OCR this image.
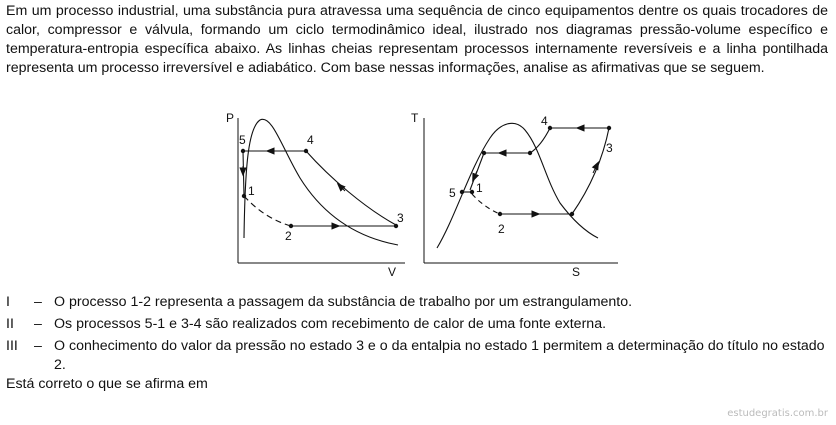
Em um processo industrial, uma substância pura atravessa uma sequência de cinco equipamentos dentre os quais trocadores de calor, compressor e válvula, formando um ciclo termodinâmico ideal, ilustrado nos diagramas pressão-volume específico e temperatura-entropia específica abaixo. As linhas cheias representam processos internamente reversíveis e a linha pontilhada representa um processo irreversível e adiabático. Com base nessas informações, analise as afirmativas que se seguem.

P
V
5	4
1
2
3
T
S
4
3
5 1
2
I	– O processo 1-2 representa a passagem da substância de trabalho por um estrangulamento.
II	– Os processos 5-1 e 3-4 são realizados com recebimento de calor de uma fonte externa.
III	– O conhecimento do valor da pressão no estado 3 e o da entalpia no estado 1 permitem a determinação do título no estado 2.

Está correto o que se afirma em

estudegratis.com.br
